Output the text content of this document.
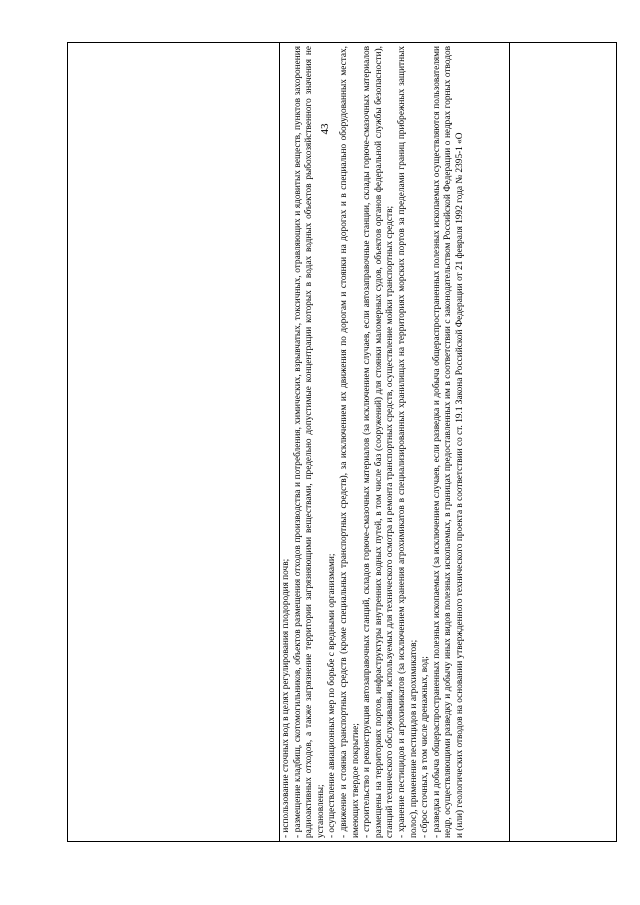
43

- использование сточных вод в целях регулирования плодородия почв; - размещение кладбищ, скотомогильников, объектов размещения отходов производства и потребления, химических, взрывчатых, токсичных, отравляющих и ядовитых веществ, пунктов захоронения радиоактивных отходов, а также загрязнение территории загрязняющими веществами, предельно допустимые концентрации которых в водах водных объектов рыбохозяйственного значения не установлены; - осуществление авиационных мер по борьбе с вредными организмами; - движение и стоянка транспортных средств (кроме специальных транспортных средств), за исключением их движения по дорогам и стоянки на дорогах и в специально оборудованных местах, имеющих твердое покрытие; - строительство и реконструкция автозаправочных станций, складов горюче-смазочных материалов (за исключением случаев, если автозаправочные станции, склады горюче-смазочных материалов размещены на территориях портов, инфраструктуры внутренних водных путей, в том числе баз (сооружений) для стоянки маломерных судов, объектов органов федеральной службы безопасности), станций технического обслуживания, используемых для технического осмотра и ремонта транспортных средств, осуществление мойки транспортных средств; - хранение пестицидов и агрохимикатов (за исключением хранения агрохимикатов в специализированных хранилищах на территориях морских портов за пределами границ прибрежных защитных полос), применение пестицидов и агрохимикатов; - сброс сточных, в том числе дренажных, вод; - разведка и добыча общераспространенных полезных ископаемых (за исключением случаев, если разведка и добыча общераспространенных полезных ископаемых осуществляются пользователями недр, осуществляющими разведку и добычу иных видов полезных ископаемых, в границах предоставленных им в соответствии с законодательством Российской Федерации о недрах горных отводов и (или) геологических отводов на основании утвержденного технического проекта в соответствии со ст. 19.1 Закона Российской Федерации от 21 февраля 1992 года № 2395-1 «О
